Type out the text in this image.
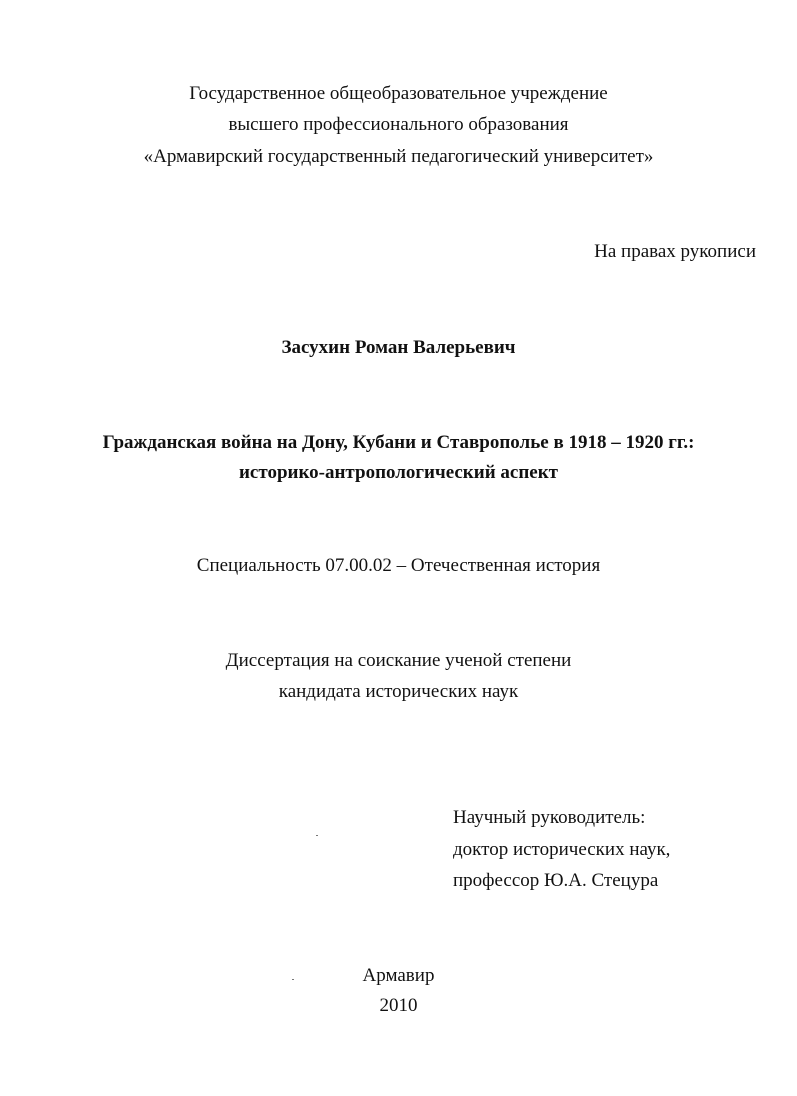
Государственное общеобразовательное учреждение
высшего профессионального образования
«Армавирский государственный педагогический университет»
На правах рукописи
Засухин Роман Валерьевич
Гражданская война на Дону, Кубани и Ставрополье в 1918 – 1920 гг.:
историко-антропологический аспект
Специальность 07.00.02 – Отечественная история
Диссертация на соискание ученой степени
кандидата исторических наук
Научный руководитель:
доктор исторических наук,
профессор Ю.А. Стецура
Армавир
2010
